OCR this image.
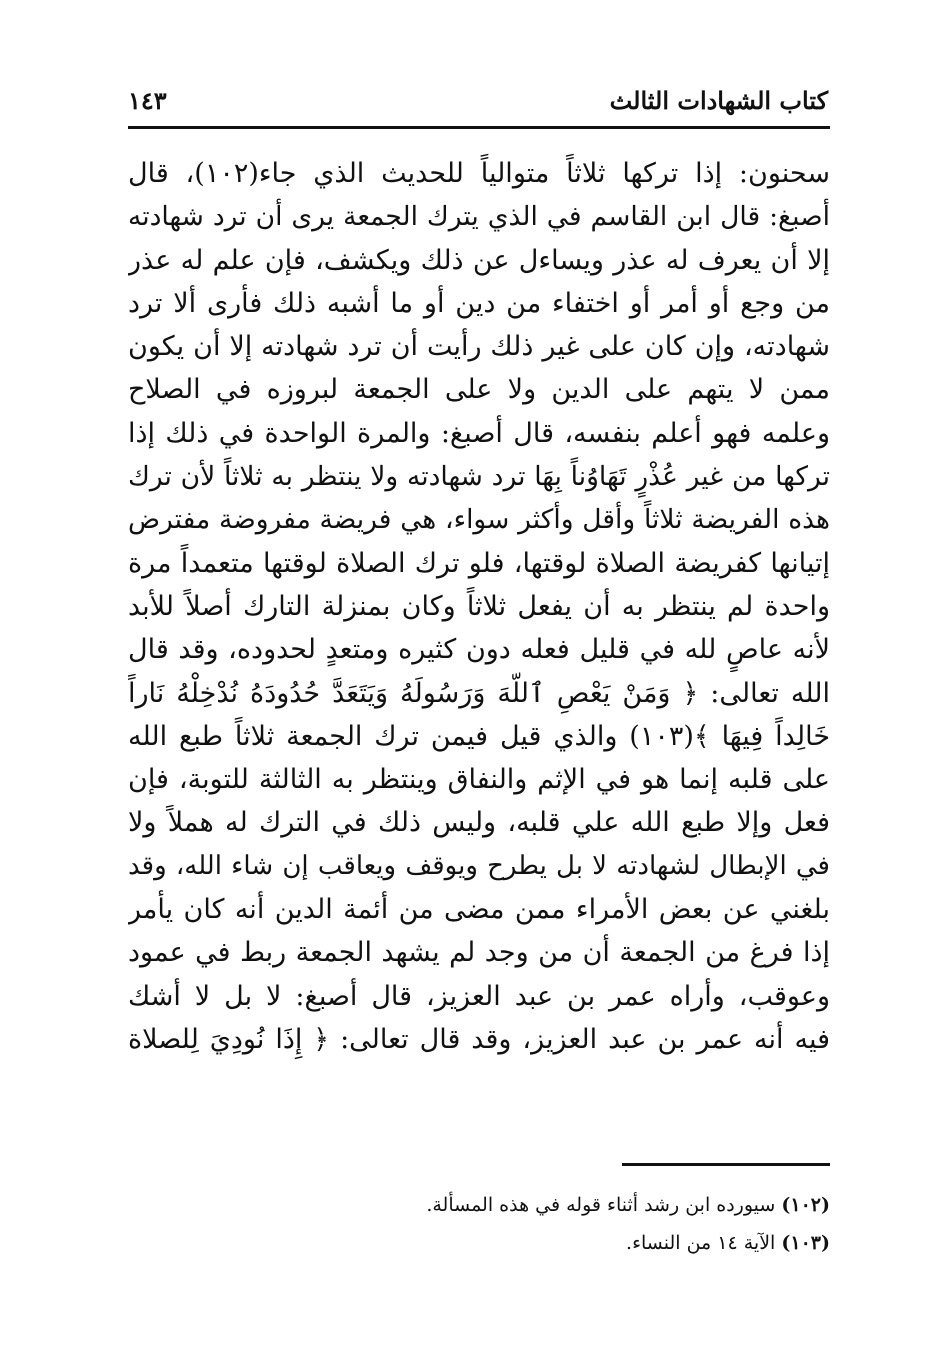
كتاب الشهادات الثالث
١٤٣
سحنون: إذا تركها ثلاثاً متوالياً للحديث الذي جاء(١٠٢)، قال
أصبغ: قال ابن القاسم في الذي يترك الجمعة يرى أن ترد شهادته
إلا أن يعرف له عذر ويساءل عن ذلك ويكشف، فإن علم له عذر
من وجع أو أمر أو اختفاء من دين أو ما أشبه ذلك فأرى ألا ترد
شهادته، وإن كان على غير ذلك رأيت أن ترد شهادته إلا أن يكون
ممن لا يتهم على الدين ولا على الجمعة لبروزه في الصلاح
وعلمه فهو أعلم بنفسه، قال أصبغ: والمرة الواحدة في ذلك إذا
تركها من غير عُذْرٍ تَهَاوُناً بِهَا ترد شهادته ولا ينتظر به ثلاثاً لأن ترك
هذه الفريضة ثلاثاً وأقل وأكثر سواء، هي فريضة مفروضة مفترض
إتيانها كفريضة الصلاة لوقتها، فلو ترك الصلاة لوقتها متعمداً مرة
واحدة لم ينتظر به أن يفعل ثلاثاً وكان بمنزلة التارك أصلاً للأبد
لأنه عاصٍ لله في قليل فعله دون كثيره ومتعدٍ لحدوده، وقد قال
الله تعالى: ﴿ وَمَنْ يَعْصِ ٱللَّهَ وَرَسُولَهُ وَيَتَعَدَّ حُدُودَهُ نُدْخِلْهُ نَاراً
خَالِداً فِيهَا ﴾(١٠٣) والذي قيل فيمن ترك الجمعة ثلاثاً طبع الله
على قلبه إنما هو في الإثم والنفاق وينتظر به الثالثة للتوبة، فإن
فعل وإلا طبع الله علي قلبه، وليس ذلك في الترك له هملاً ولا
في الإبطال لشهادته لا بل يطرح ويوقف ويعاقب إن شاء الله، وقد
بلغني عن بعض الأمراء ممن مضى من أئمة الدين أنه كان يأمر
إذا فرغ من الجمعة أن من وجد لم يشهد الجمعة ربط في عمود
وعوقب، وأراه عمر بن عبد العزيز، قال أصبغ: لا بل لا أشك
فيه أنه عمر بن عبد العزيز، وقد قال تعالى: ﴿ إِذَا نُودِيَ لِلصلاة
(١٠٢) سيورده ابن رشد أثناء قوله في هذه المسألة.
(١٠٣) الآية ١٤ من النساء.
